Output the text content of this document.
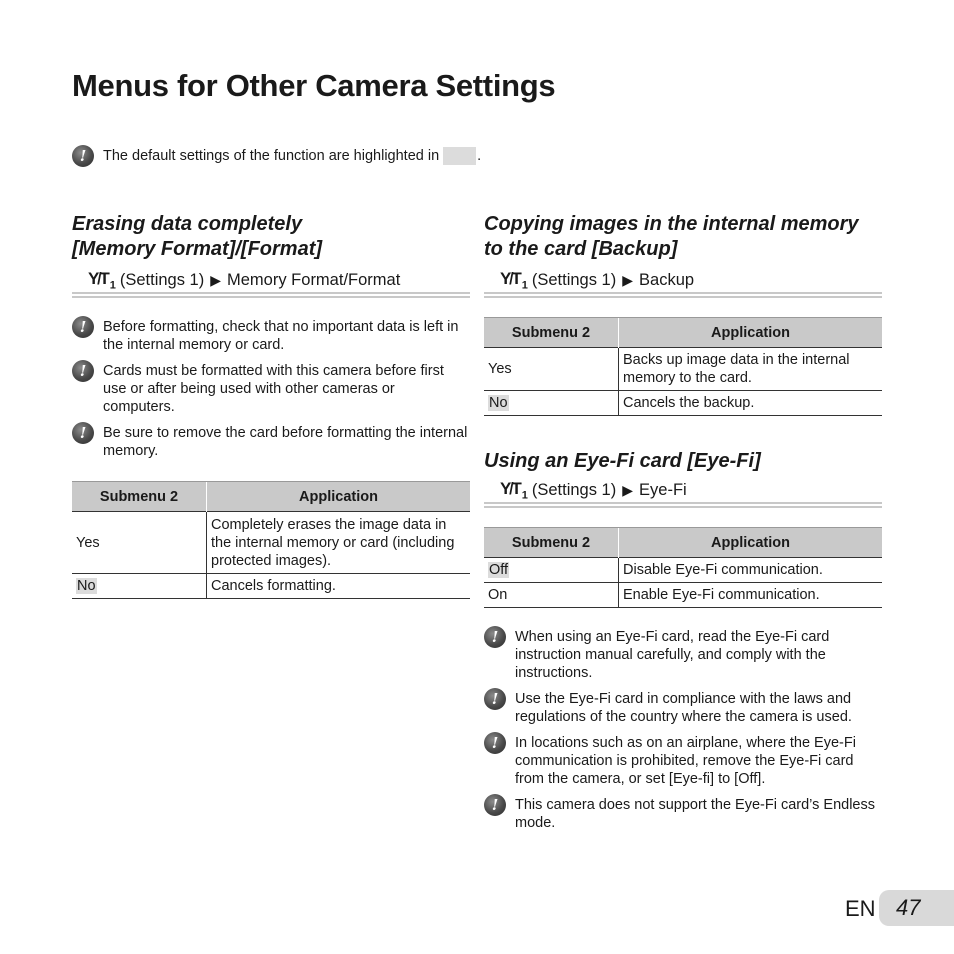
Menus for Other Camera Settings
!	The default settings of the function are highlighted in	.
Erasing data completely
[Memory Format]/[Format]
$Y̸T_1$ (Settings 1) ▶ Memory Format/Format
!	Before formatting, check that no important data is left in the internal memory or card.
!	Cards must be formatted with this camera before first use or after being used with other cameras or computers.
!	Be sure to remove the card before formatting the internal memory.
Submenu 2	Application
Yes	Completely erases the image data in the internal memory or card (including protected images).
No	Cancels formatting.
Copying images in the internal memory
to the card [Backup]
$Y̸T_1$ (Settings 1) ▶ Backup
Submenu 2	Application
Yes	Backs up image data in the internal memory to the card.
No	Cancels the backup.
Using an Eye-Fi card [Eye-Fi]
$Y̸T_1$ (Settings 1) ▶ Eye-Fi
Submenu 2	Application
Off	Disable Eye-Fi communication.
On	Enable Eye-Fi communication.
!	When using an Eye-Fi card, read the Eye-Fi card instruction manual carefully, and comply with the instructions.
!	Use the Eye-Fi card in compliance with the laws and regulations of the country where the camera is used.
!	In locations such as on an airplane, where the Eye-Fi communication is prohibited, remove the Eye-Fi card from the camera, or set [Eye-fi] to [Off].
!	This camera does not support the Eye-Fi card’s Endless mode.
EN 47
